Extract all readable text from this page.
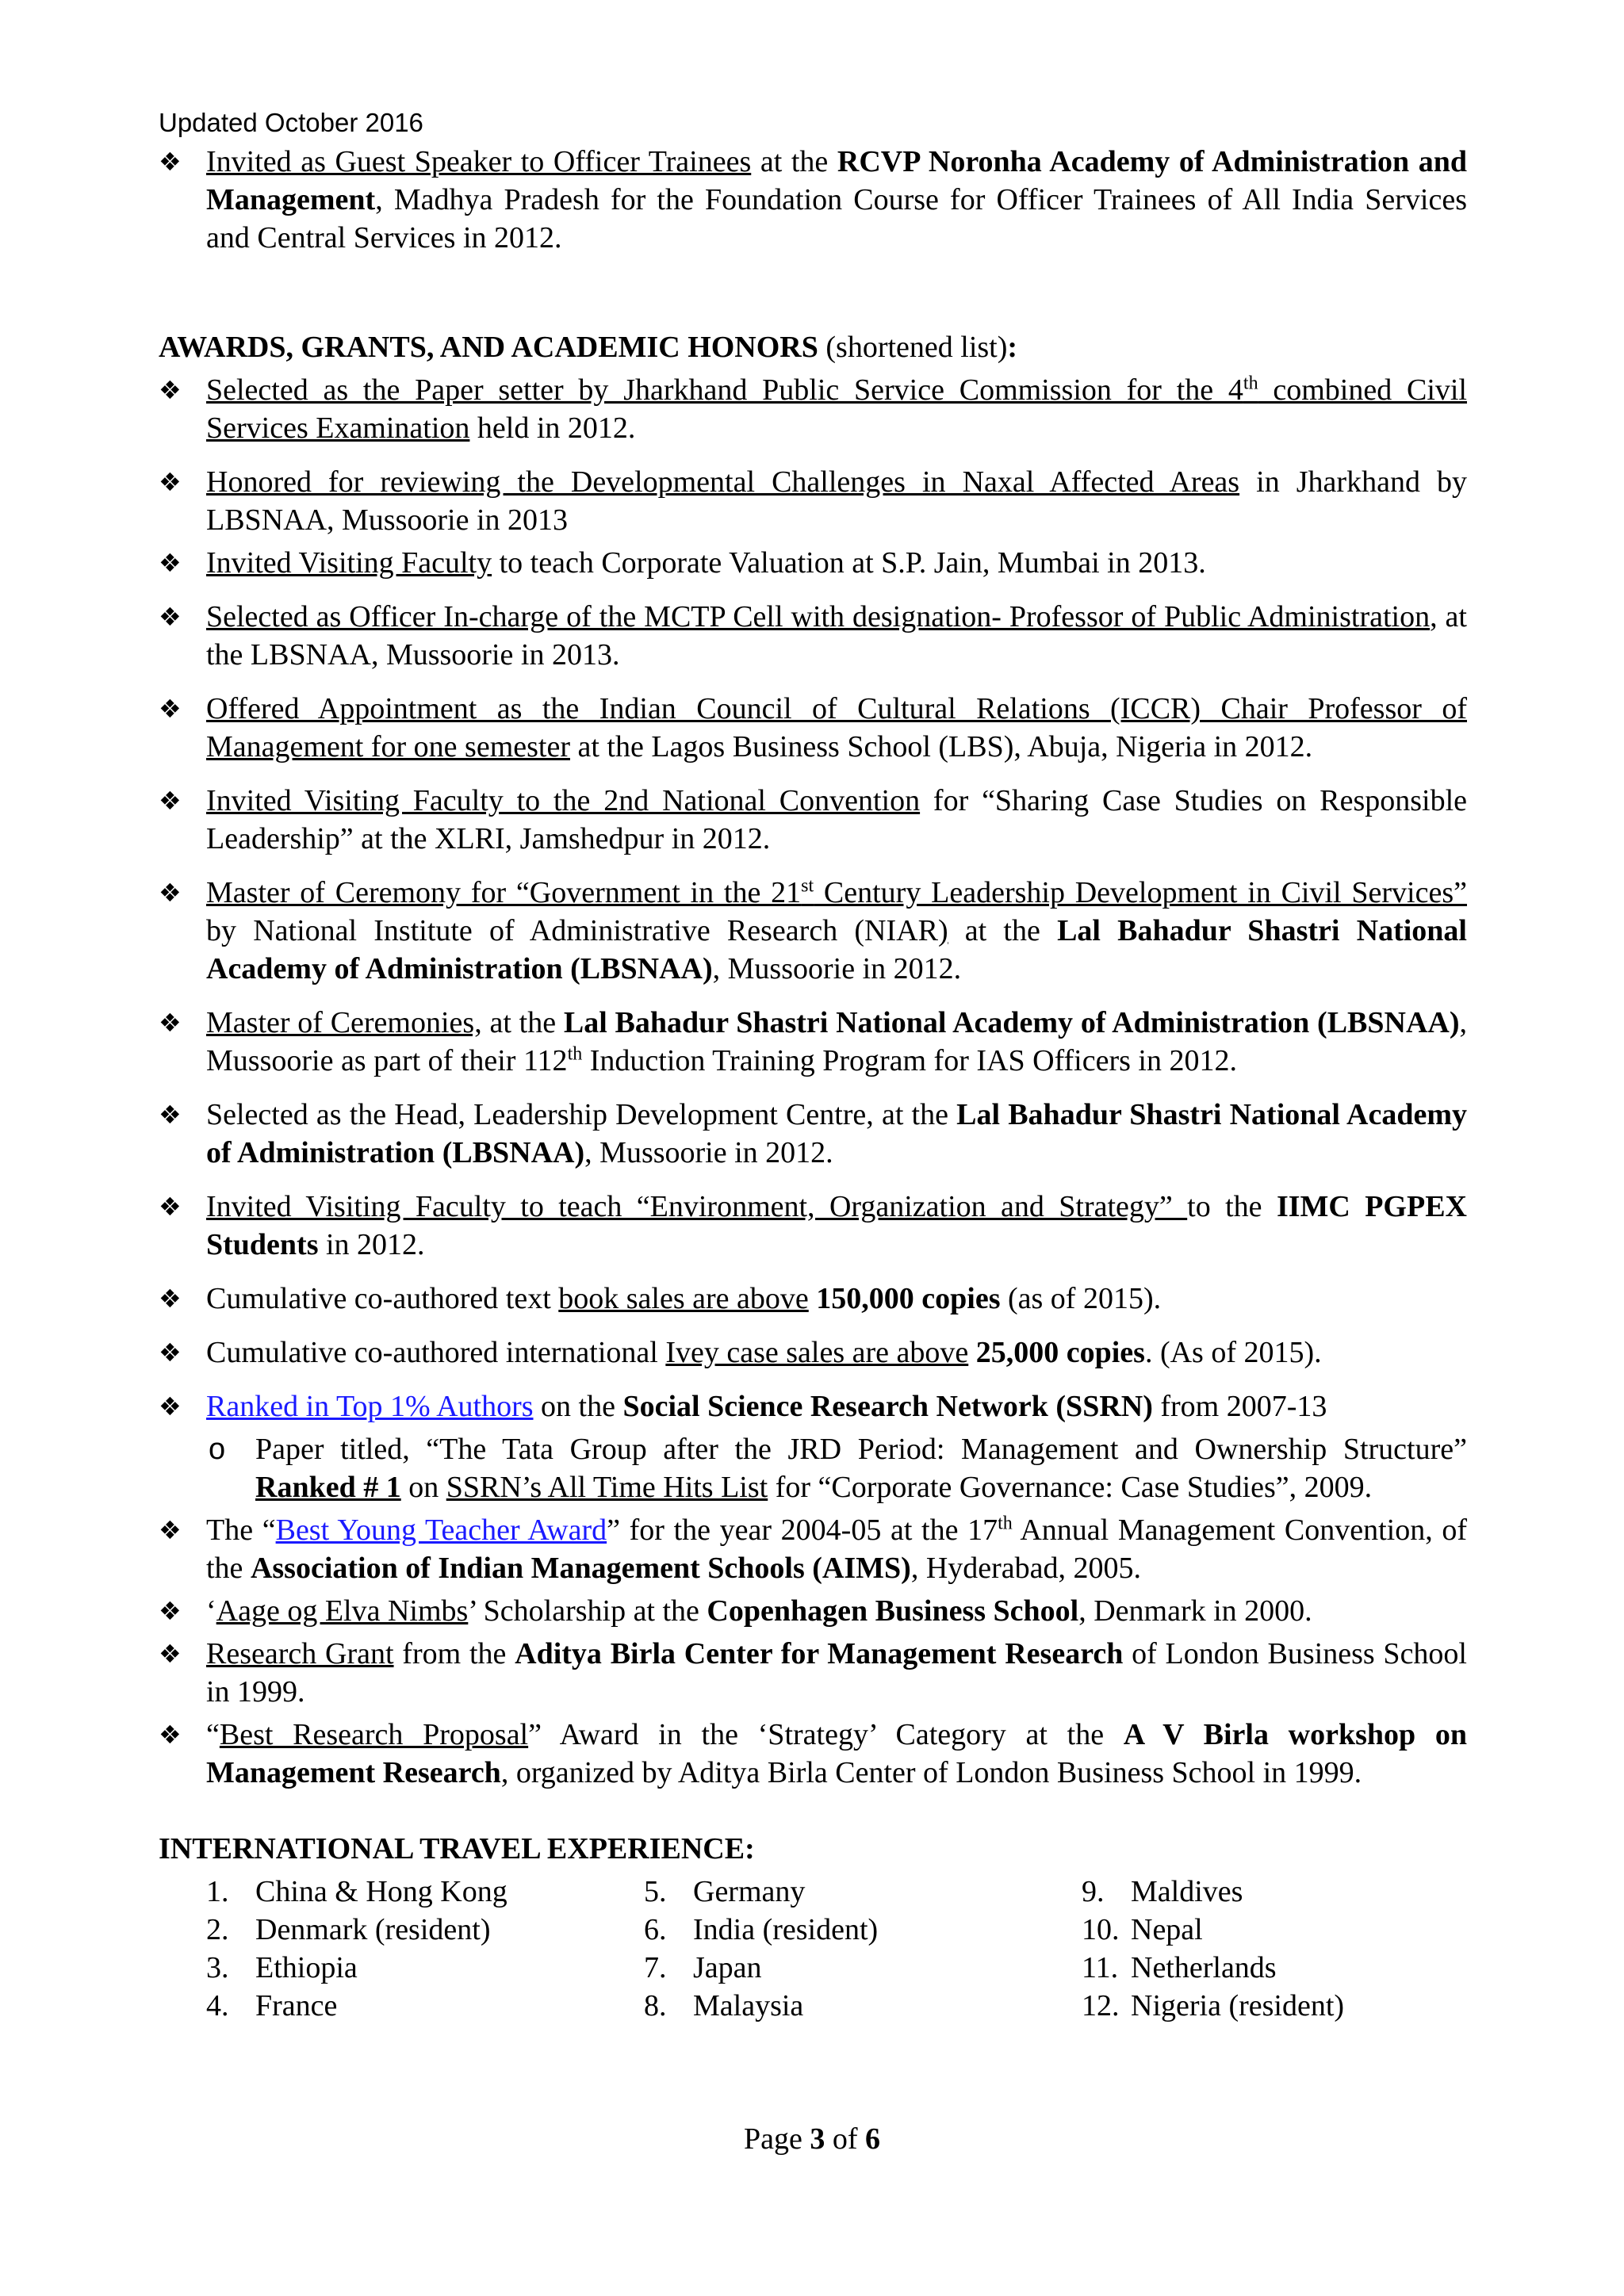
Updated October 2016
❖ Invited as Guest Speaker to Officer Trainees at the RCVP Noronha Academy of Administration and Management, Madhya Pradesh for the Foundation Course for Officer Trainees of All India Services and Central Services in 2012.
AWARDS, GRANTS, AND ACADEMIC HONORS (shortened list):
❖ Selected as the Paper setter by Jharkhand Public Service Commission for the 4th combined Civil Services Examination held in 2012.
❖ Honored for reviewing the Developmental Challenges in Naxal Affected Areas in Jharkhand by LBSNAA, Mussoorie in 2013
❖ Invited Visiting Faculty to teach Corporate Valuation at S.P. Jain, Mumbai in 2013.
❖ Selected as Officer In-charge of the MCTP Cell with designation- Professor of Public Administration, at the LBSNAA, Mussoorie in 2013.
❖ Offered Appointment as the Indian Council of Cultural Relations (ICCR) Chair Professor of Management for one semester at the Lagos Business School (LBS), Abuja, Nigeria in 2012.
❖ Invited Visiting Faculty to the 2nd National Convention for “Sharing Case Studies on Responsible Leadership” at the XLRI, Jamshedpur in 2012.
❖ Master of Ceremony for “Government in the 21st Century Leadership Development in Civil Services” by National Institute of Administrative Research (NIAR) at the Lal Bahadur Shastri National Academy of Administration (LBSNAA), Mussoorie in 2012.
❖ Master of Ceremonies, at the Lal Bahadur Shastri National Academy of Administration (LBSNAA), Mussoorie as part of their 112th Induction Training Program for IAS Officers in 2012.
❖ Selected as the Head, Leadership Development Centre, at the Lal Bahadur Shastri National Academy of Administration (LBSNAA), Mussoorie in 2012.
❖ Invited Visiting Faculty to teach “Environment, Organization and Strategy” to the IIMC PGPEX Students in 2012.
❖ Cumulative co-authored text book sales are above 150,000 copies (as of 2015).
❖ Cumulative co-authored international Ivey case sales are above 25,000 copies. (As of 2015).
❖ Ranked in Top 1% Authors on the Social Science Research Network (SSRN) from 2007-13
o Paper titled, “The Tata Group after the JRD Period: Management and Ownership Structure” Ranked # 1 on SSRN’s All Time Hits List for “Corporate Governance: Case Studies”, 2009.
❖ The “Best Young Teacher Award” for the year 2004-05 at the 17th Annual Management Convention, of the Association of Indian Management Schools (AIMS), Hyderabad, 2005.
❖ ‘Aage og Elva Nimbs’ Scholarship at the Copenhagen Business School, Denmark in 2000.
❖ Research Grant from the Aditya Birla Center for Management Research of London Business School in 1999.
❖ “Best Research Proposal” Award in the ‘Strategy’ Category at the A V Birla workshop on Management Research, organized by Aditya Birla Center of London Business School in 1999.
INTERNATIONAL TRAVEL EXPERIENCE:
1. China & Hong Kong
2. Denmark (resident)
3. Ethiopia
4. France
5. Germany
6. India (resident)
7. Japan
8. Malaysia
9. Maldives
10. Nepal
11. Netherlands
12. Nigeria (resident)
Page 3 of 6
